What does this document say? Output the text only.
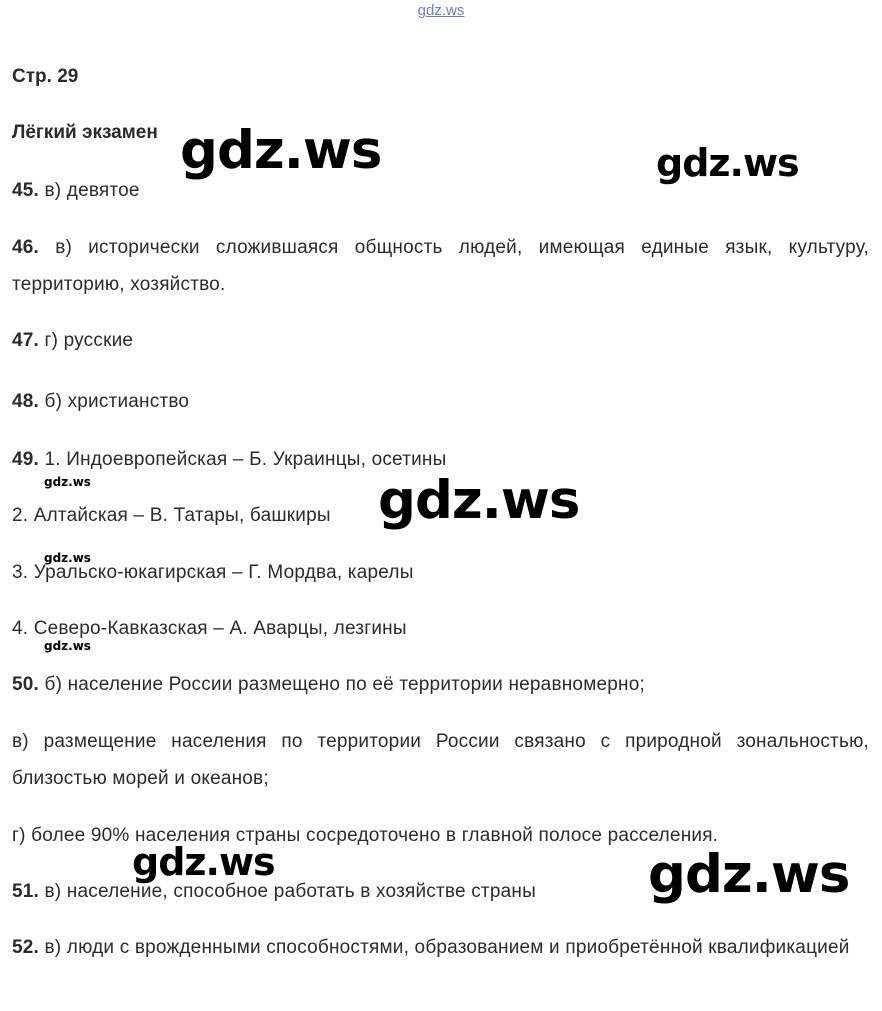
gdz.ws
Стр. 29
Лёгкий экзамен
45. в) девятое
46. в) исторически сложившаяся общность людей, имеющая единые язык, культуру, территорию, хозяйство.
47. г) русские
48. б) христианство
49. 1. Индоевропейская – Б. Украинцы, осетины
2. Алтайская – В. Татары, башкиры
3. Уральско-юкагирская – Г. Мордва, карелы
4. Северо-Кавказская – А. Аварцы, лезгины
50. б) население России размещено по её территории неравномерно;
в) размещение населения по территории России связано с природной зональностью, близостью морей и океанов;
г) более 90% населения страны сосредоточено в главной полосе расселения.
51. в) население, способное работать в хозяйстве страны
52. в) люди с врожденными способностями, образованием и приобретённой квалификацией
gdz.ws	gdz.ws
gdz.ws
gdz.ws	gdz.ws
gdz.ws
gdz.ws
gdz.ws
